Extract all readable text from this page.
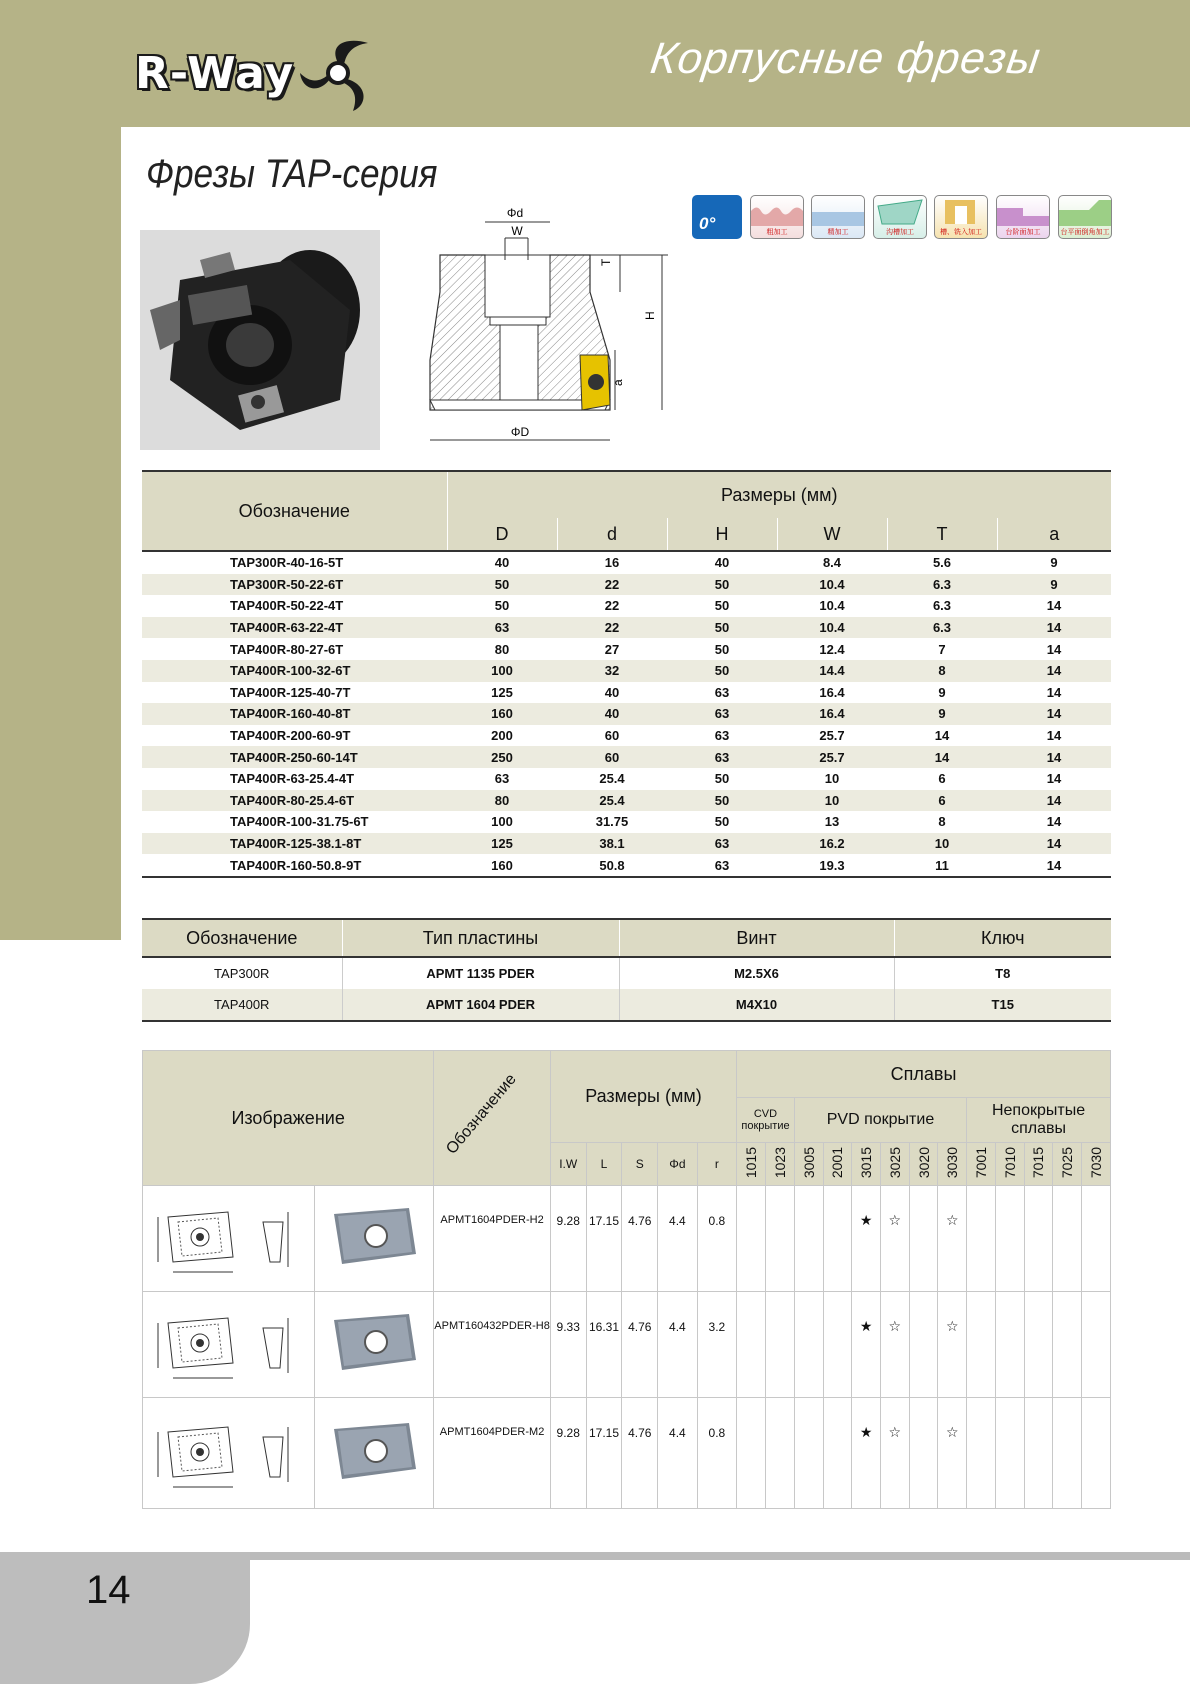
R-Way	Корпусные фрезы
Фрезы TAP-серия
Φd
W
T
H
a
ΦD
0°	粗加工	精加工	沟槽加工	槽、铣入加工	台阶面加工	台平面倒角加工
Обозначение	Размеры (мм)					
	D	d	H	W	T	a
TAP300R-40-16-5T	40	16	40	8.4	5.6	9
TAP300R-50-22-6T	50	22	50	10.4	6.3	9
TAP400R-50-22-4T	50	22	50	10.4	6.3	14
TAP400R-63-22-4T	63	22	50	10.4	6.3	14
TAP400R-80-27-6T	80	27	50	12.4	7	14
TAP400R-100-32-6T	100	32	50	14.4	8	14
TAP400R-125-40-7T	125	40	63	16.4	9	14
TAP400R-160-40-8T	160	40	63	16.4	9	14
TAP400R-200-60-9T	200	60	63	25.7	14	14
TAP400R-250-60-14T	250	60	63	25.7	14	14
TAP400R-63-25.4-4T	63	25.4	50	10	6	14
TAP400R-80-25.4-6T	80	25.4	50	10	6	14
TAP400R-100-31.75-6T	100	31.75	50	13	8	14
TAP400R-125-38.1-8T	125	38.1	63	16.2	10	14
TAP400R-160-50.8-9T	160	50.8	63	19.3	11	14
Обозначение	Тип пластины	Винт	Ключ
TAP300R	APMT 1135 PDER	M2.5X6	T8
TAP400R	APMT 1604 PDER	M4X10	T15
Изображение		Обозначение	Размеры (мм)					Сплавы												
								CVD покрытие		PVD покрытие						Непокрытые сплавы				
			I.W	L	S	Φd	r	1015	1023	3005	2001	3015	3025	3020	3030	7001	7010	7015	7025	7030
		APMT1604PDER-H2	9.28	17.15	4.76	4.4	0.8					★	☆		☆					
		APMT160432PDER-H8	9.33	16.31	4.76	4.4	3.2					★	☆		☆					
		APMT1604PDER-M2	9.28	17.15	4.76	4.4	0.8					★	☆		☆					
14
